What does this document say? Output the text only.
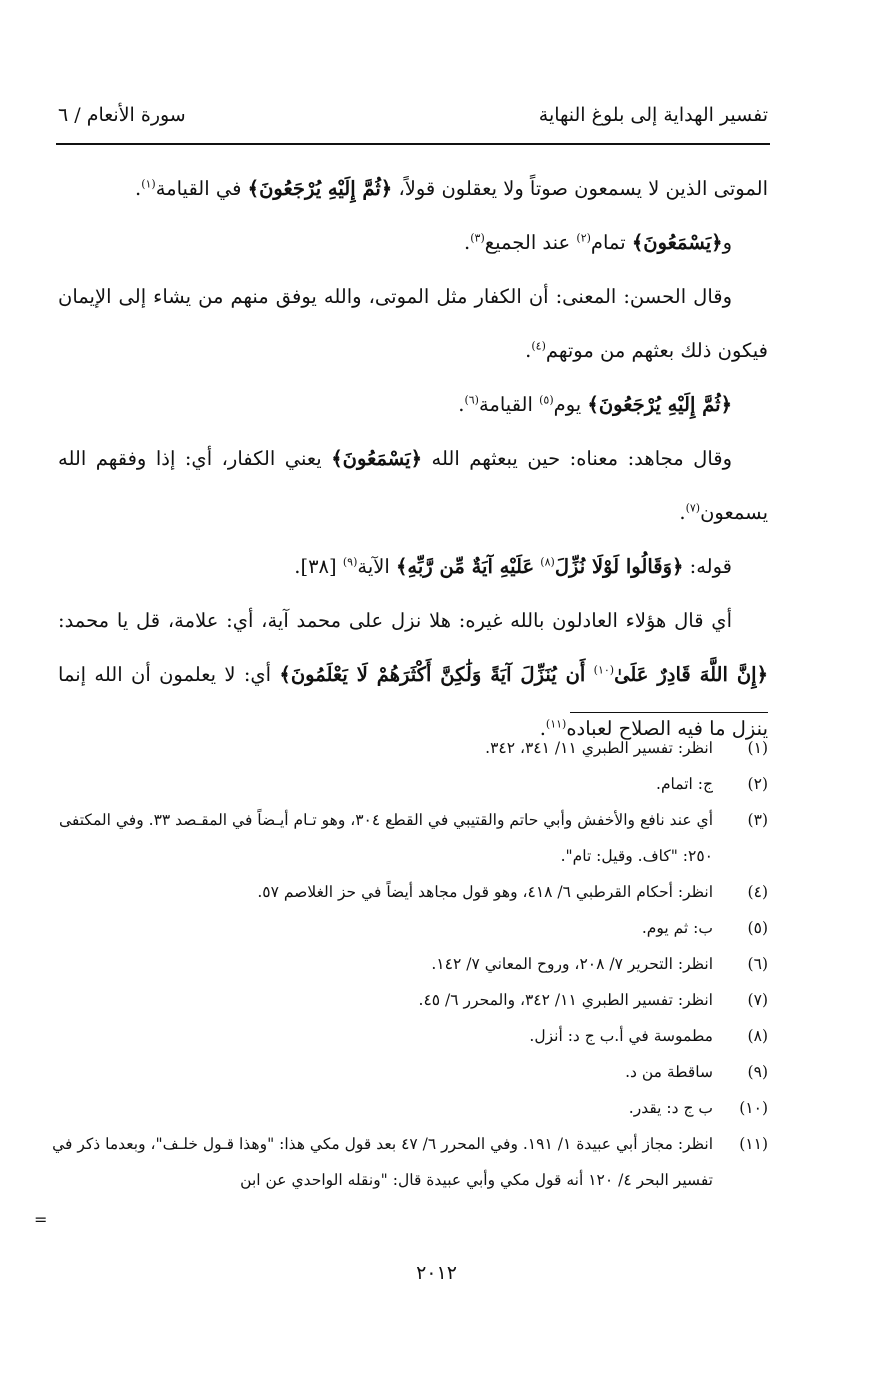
تفسير الهداية إلى بلوغ النهاية
سورة الأنعام / ٦

الموتى الذين لا يسمعون صوتاً ولا يعقلون قولاً، ﴿ثُمَّ إِلَيْهِ يُرْجَعُونَ﴾ في القيامة$^{(١)}$.

و﴿يَسْمَعُونَ﴾ تمام$^{(٢)}$ عند الجميع$^{(٣)}$.

وقال الحسن: المعنى: أن الكفار مثل الموتى، والله يوفق منهم من يشاء إلى الإيمان فيكون ذلك بعثهم من موتهم$^{(٤)}$.

﴿ثُمَّ إِلَيْهِ يُرْجَعُونَ﴾ يوم$^{(٥)}$ القيامة$^{(٦)}$.

وقال مجاهد: معناه: حين يبعثهم الله ﴿يَسْمَعُونَ﴾ يعني الكفار، أي: إذا وفقهم الله يسمعون$^{(٧)}$.

قوله: ﴿وَقَالُوا لَوْلَا نُزِّلَ$^{(٨)}$ عَلَيْهِ آيَةٌ مِّن رَّبِّهِ﴾ الآية$^{(٩)}$ [٣٨].

أي قال هؤلاء العادلون بالله غيره: هلا نزل على محمد آية، أي: علامة، قل يا محمد: ﴿إِنَّ اللَّهَ قَادِرٌ عَلَىٰ$^{(١٠)}$ أَن يُنَزِّلَ آيَةً وَلَٰكِنَّ أَكْثَرَهُمْ لَا يَعْلَمُونَ﴾ أي: لا يعلمون أن الله إنما ينزل ما فيه الصلاح لعباده$^{(١١)}$.

(١)
انظر: تفسير الطبري ١١/ ٣٤١، ٣٤٢.
(٢)
ج: اتمام.
(٣)
أي عند نافع والأخفش وأبي حاتم والقتيبي في القطع ٣٠٤، وهو تـام أيـضاً في المقـصد ٣٣. وفي المكتفى ٢٥٠: "كاف. وقيل: تام".
(٤)
انظر: أحكام القرطبي ٦/ ٤١٨، وهو قول مجاهد أيضاً في حز الغلاصم ٥٧.
(٥)
ب: ثم يوم.
(٦)
انظر: التحرير ٧/ ٢٠٨، وروح المعاني ٧/ ١٤٢.
(٧)
انظر: تفسير الطبري ١١/ ٣٤٢، والمحرر ٦/ ٤٥.
(٨)
مطموسة في أ.ب ج د: أنزل.
(٩)
ساقطة من د.
(١٠)
ب ج د: يقدر.
(١١)
انظر: مجاز أبي عبيدة ١/ ١٩١. وفي المحرر ٦/ ٤٧ بعد قول مكي هذا: "وهذا قـول خلـف"، وبعدما ذكر في تفسير البحر ٤/ ١٢٠ أنه قول مكي وأبي عبيدة قال: "ونقله الواحدي عن ابن
=
٢٠١٢
